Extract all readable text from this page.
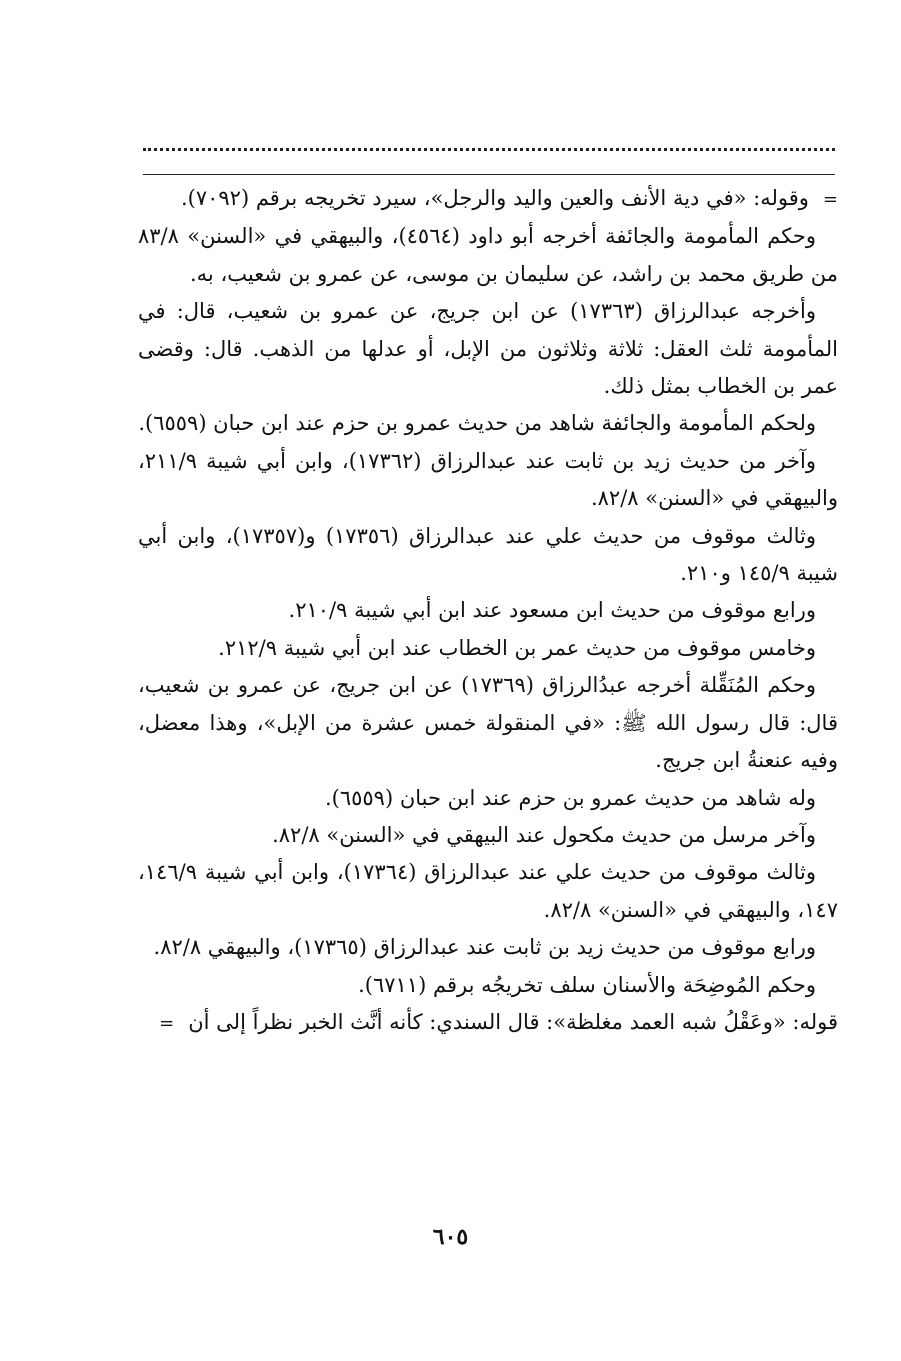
=وقوله: «في دية الأنف والعين واليد والرجل»، سيرد تخريجه برقم (٧٠٩٢).

وحكم المأمومة والجائفة أخرجه أبو داود (٤٥٦٤)، والبيهقي في «السنن» ٨٣/٨ من طريق محمد بن راشد، عن سليمان بن موسى، عن عمرو بن شعيب، به.

وأخرجه عبدالرزاق (١٧٣٦٣) عن ابن جريج، عن عمرو بن شعيب، قال: في المأمومة ثلث العقل: ثلاثة وثلاثون من الإبل، أو عدلها من الذهب. قال: وقضى عمر بن الخطاب بمثل ذلك.

ولحكم المأمومة والجائفة شاهد من حديث عمرو بن حزم عند ابن حبان (٦٥٥٩).

وآخر من حديث زيد بن ثابت عند عبدالرزاق (١٧٣٦٢)، وابن أبي شيبة ٢١١/٩، والبيهقي في «السنن» ٨٢/٨.

وثالث موقوف من حديث علي عند عبدالرزاق (١٧٣٥٦) و(١٧٣٥٧)، وابن أبي شيبة ١٤٥/٩ و٢١٠.

ورابع موقوف من حديث ابن مسعود عند ابن أبي شيبة ٢١٠/٩.

وخامس موقوف من حديث عمر بن الخطاب عند ابن أبي شيبة ٢١٢/٩.

وحكم المُنَقِّلة أخرجه عبدُالرزاق (١٧٣٦٩) عن ابن جريج، عن عمرو بن شعيب، قال: قال رسول الله ﷺ: «في المنقولة خمس عشرة من الإبل»، وهذا معضل، وفيه عنعنةُ ابن جريج.

وله شاهد من حديث عمرو بن حزم عند ابن حبان (٦٥٥٩).

وآخر مرسل من حديث مكحول عند البيهقي في «السنن» ٨٢/٨.

وثالث موقوف من حديث علي عند عبدالرزاق (١٧٣٦٤)، وابن أبي شيبة ١٤٦/٩، ١٤٧، والبيهقي في «السنن» ٨٢/٨.

ورابع موقوف من حديث زيد بن ثابت عند عبدالرزاق (١٧٣٦٥)، والبيهقي ٨٢/٨.

وحكم المُوضِحَة والأسنان سلف تخريجُه برقم (٦٧١١).

قوله: «وعَقْلُ شبه العمد مغلظة»: قال السندي: كأنه أنَّث الخبر نظراً إلى أن=

٦٠٥
